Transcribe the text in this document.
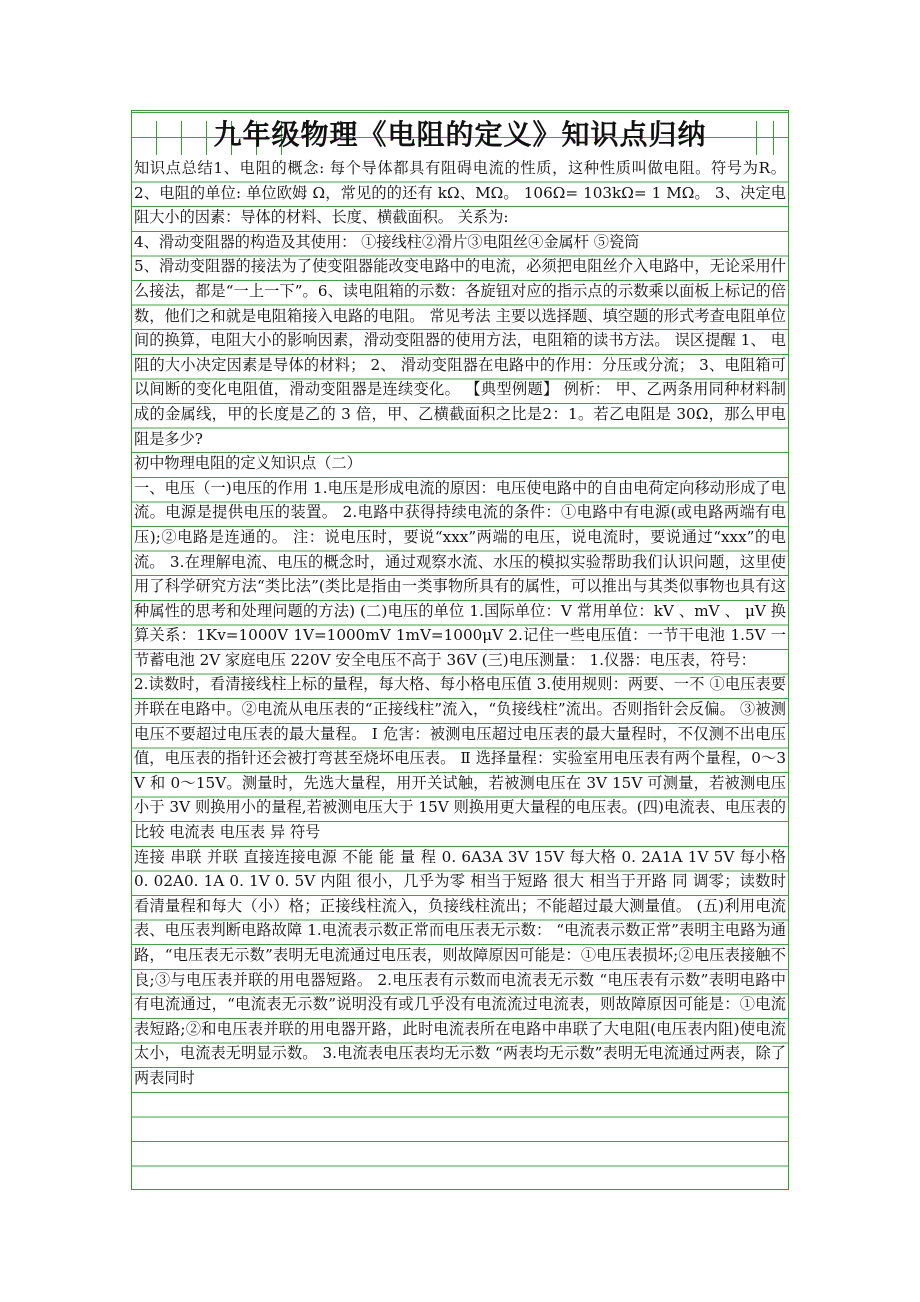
九年级物理《电阻的定义》知识点归纳

知识点总结1、电阻的概念: 每个导体都具有阻碍电流的性质，这种性质叫做电阻。符号为R。 2、电阻的单位: 单位欧姆 Ω，常见的的还有 kΩ、MΩ。 106Ω= 103kΩ= 1 MΩ。 3、决定电阻大小的因素：导体的材料、长度、横截面积。 关系为:

4、滑动变阻器的构造及其使用： ①接线柱②滑片③电阻丝④金属杆 ⑤瓷筒

5、滑动变阻器的接法为了使变阻器能改变电路中的电流，必须把电阻丝介入电路中，无论采用什么接法，都是“一上一下”。6、读电阻箱的示数：各旋钮对应的指示点的示数乘以面板上标记的倍数，他们之和就是电阻箱接入电路的电阻。 常见考法 主要以选择题、填空题的形式考查电阻单位间的换算，电阻大小的影响因素，滑动变阻器的使用方法，电阻箱的读书方法。 误区提醒 1、 电阻的大小决定因素是导体的材料； 2、 滑动变阻器在电路中的作用：分压或分流； 3、电阻箱可以间断的变化电阻值，滑动变阻器是连续变化。 【典型例题】 例析： 甲、乙两条用同种材料制成的金属线，甲的长度是乙的 3 倍，甲、乙横截面积之比是2：1。若乙电阻是 30Ω，那么甲电阻是多少?

初中物理电阻的定义知识点（二）

一、电压（一)电压的作用 1.电压是形成电流的原因：电压使电路中的自由电荷定向移动形成了电流。电源是提供电压的装置。 2.电路中获得持续电流的条件：①电路中有电源(或电路两端有电压);②电路是连通的。 注：说电压时，要说“xxx”两端的电压，说电流时，要说通过“xxx”的电流。 3.在理解电流、电压的概念时，通过观察水流、水压的模拟实验帮助我们认识问题，这里使用了科学研究方法“类比法”(类比是指由一类事物所具有的属性，可以推出与其类似事物也具有这种属性的思考和处理问题的方法) (二)电压的单位 1.国际单位：V 常用单位：kV 、mV 、 μV 换算关系：1Kv=1000V 1V=1000mV 1mV=1000μV 2.记住一些电压值：一节干电池 1.5V 一节蓄电池 2V 家庭电压 220V 安全电压不高于 36V (三)电压测量： 1.仪器：电压表，符号：

2.读数时，看清接线柱上标的量程，每大格、每小格电压值 3.使用规则：两要、一不 ①电压表要并联在电路中。②电流从电压表的“正接线柱”流入，“负接线柱”流出。否则指针会反偏。 ③被测电压不要超过电压表的最大量程。 Ⅰ 危害：被测电压超过电压表的最大量程时，不仅测不出电压值，电压表的指针还会被打弯甚至烧坏电压表。 Ⅱ 选择量程：实验室用电压表有两个量程，0～3V 和 0～15V。测量时，先选大量程，用开关试触，若被测电压在 3V 15V 可测量，若被测电压小于 3V 则换用小的量程,若被测电压大于 15V 则换用更大量程的电压表。(四)电流表、电压表的比较 电流表 电压表 异 符号

连接 串联 并联 直接连接电源 不能 能 量 程 0. 6A3A 3V 15V 每大格 0. 2A1A 1V 5V 每小格 0. 02A0. 1A 0. 1V 0. 5V 内阻 很小，几乎为零 相当于短路 很大 相当于开路 同 调零；读数时看清量程和每大（小）格；正接线柱流入，负接线柱流出；不能超过最大测量值。 (五)利用电流表、电压表判断电路故障 1.电流表示数正常而电压表无示数： “电流表示数正常”表明主电路为通路，“电压表无示数”表明无电流通过电压表，则故障原因可能是：①电压表损坏;②电压表接触不良;③与电压表并联的用电器短路。 2.电压表有示数而电流表无示数 “电压表有示数”表明电路中有电流通过，“电流表无示数”说明没有或几乎没有电流流过电流表，则故障原因可能是：①电流表短路;②和电压表并联的用电器开路，此时电流表所在电路中串联了大电阻(电压表内阻)使电流太小，电流表无明显示数。 3.电流表电压表均无示数 “两表均无示数”表明无电流通过两表，除了两表同时
